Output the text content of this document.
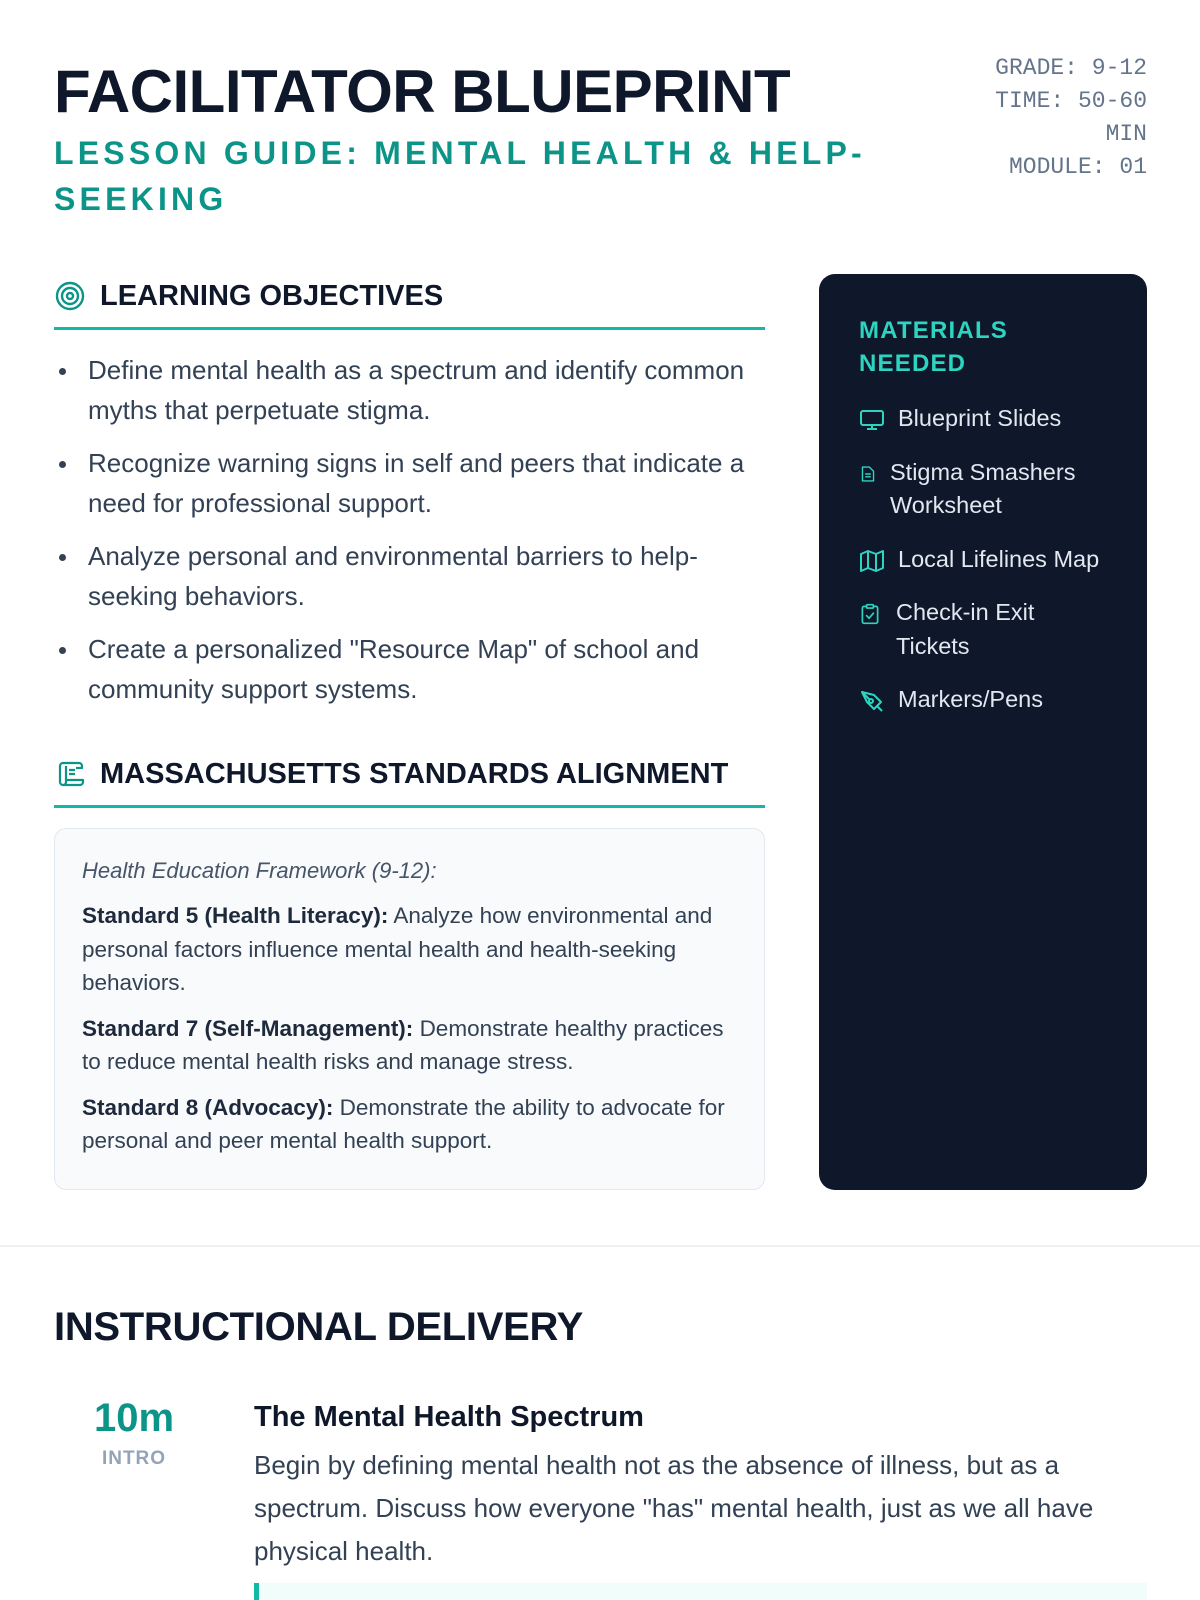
FACILITATOR BLUEPRINT
LESSON GUIDE: MENTAL HEALTH & HELP-SEEKING
GRADE: 9-12
TIME: 50-60 MIN
MODULE: 01
LEARNING OBJECTIVES
Define mental health as a spectrum and identify common myths that perpetuate stigma.
Recognize warning signs in self and peers that indicate a need for professional support.
Analyze personal and environmental barriers to help-seeking behaviors.
Create a personalized "Resource Map" of school and community support systems.
MASSACHUSETTS STANDARDS ALIGNMENT
Health Education Framework (9-12):
Standard 5 (Health Literacy): Analyze how environmental and personal factors influence mental health and health-seeking behaviors.
Standard 7 (Self-Management): Demonstrate healthy practices to reduce mental health risks and manage stress.
Standard 8 (Advocacy): Demonstrate the ability to advocate for personal and peer mental health support.
MATERIALS NEEDED
Blueprint Slides
Stigma Smashers Worksheet
Local Lifelines Map
Check-in Exit Tickets
Markers/Pens
INSTRUCTIONAL DELIVERY
10m
INTRO
The Mental Health Spectrum
Begin by defining mental health not as the absence of illness, but as a spectrum. Discuss how everyone "has" mental health, just as we all have physical health.
